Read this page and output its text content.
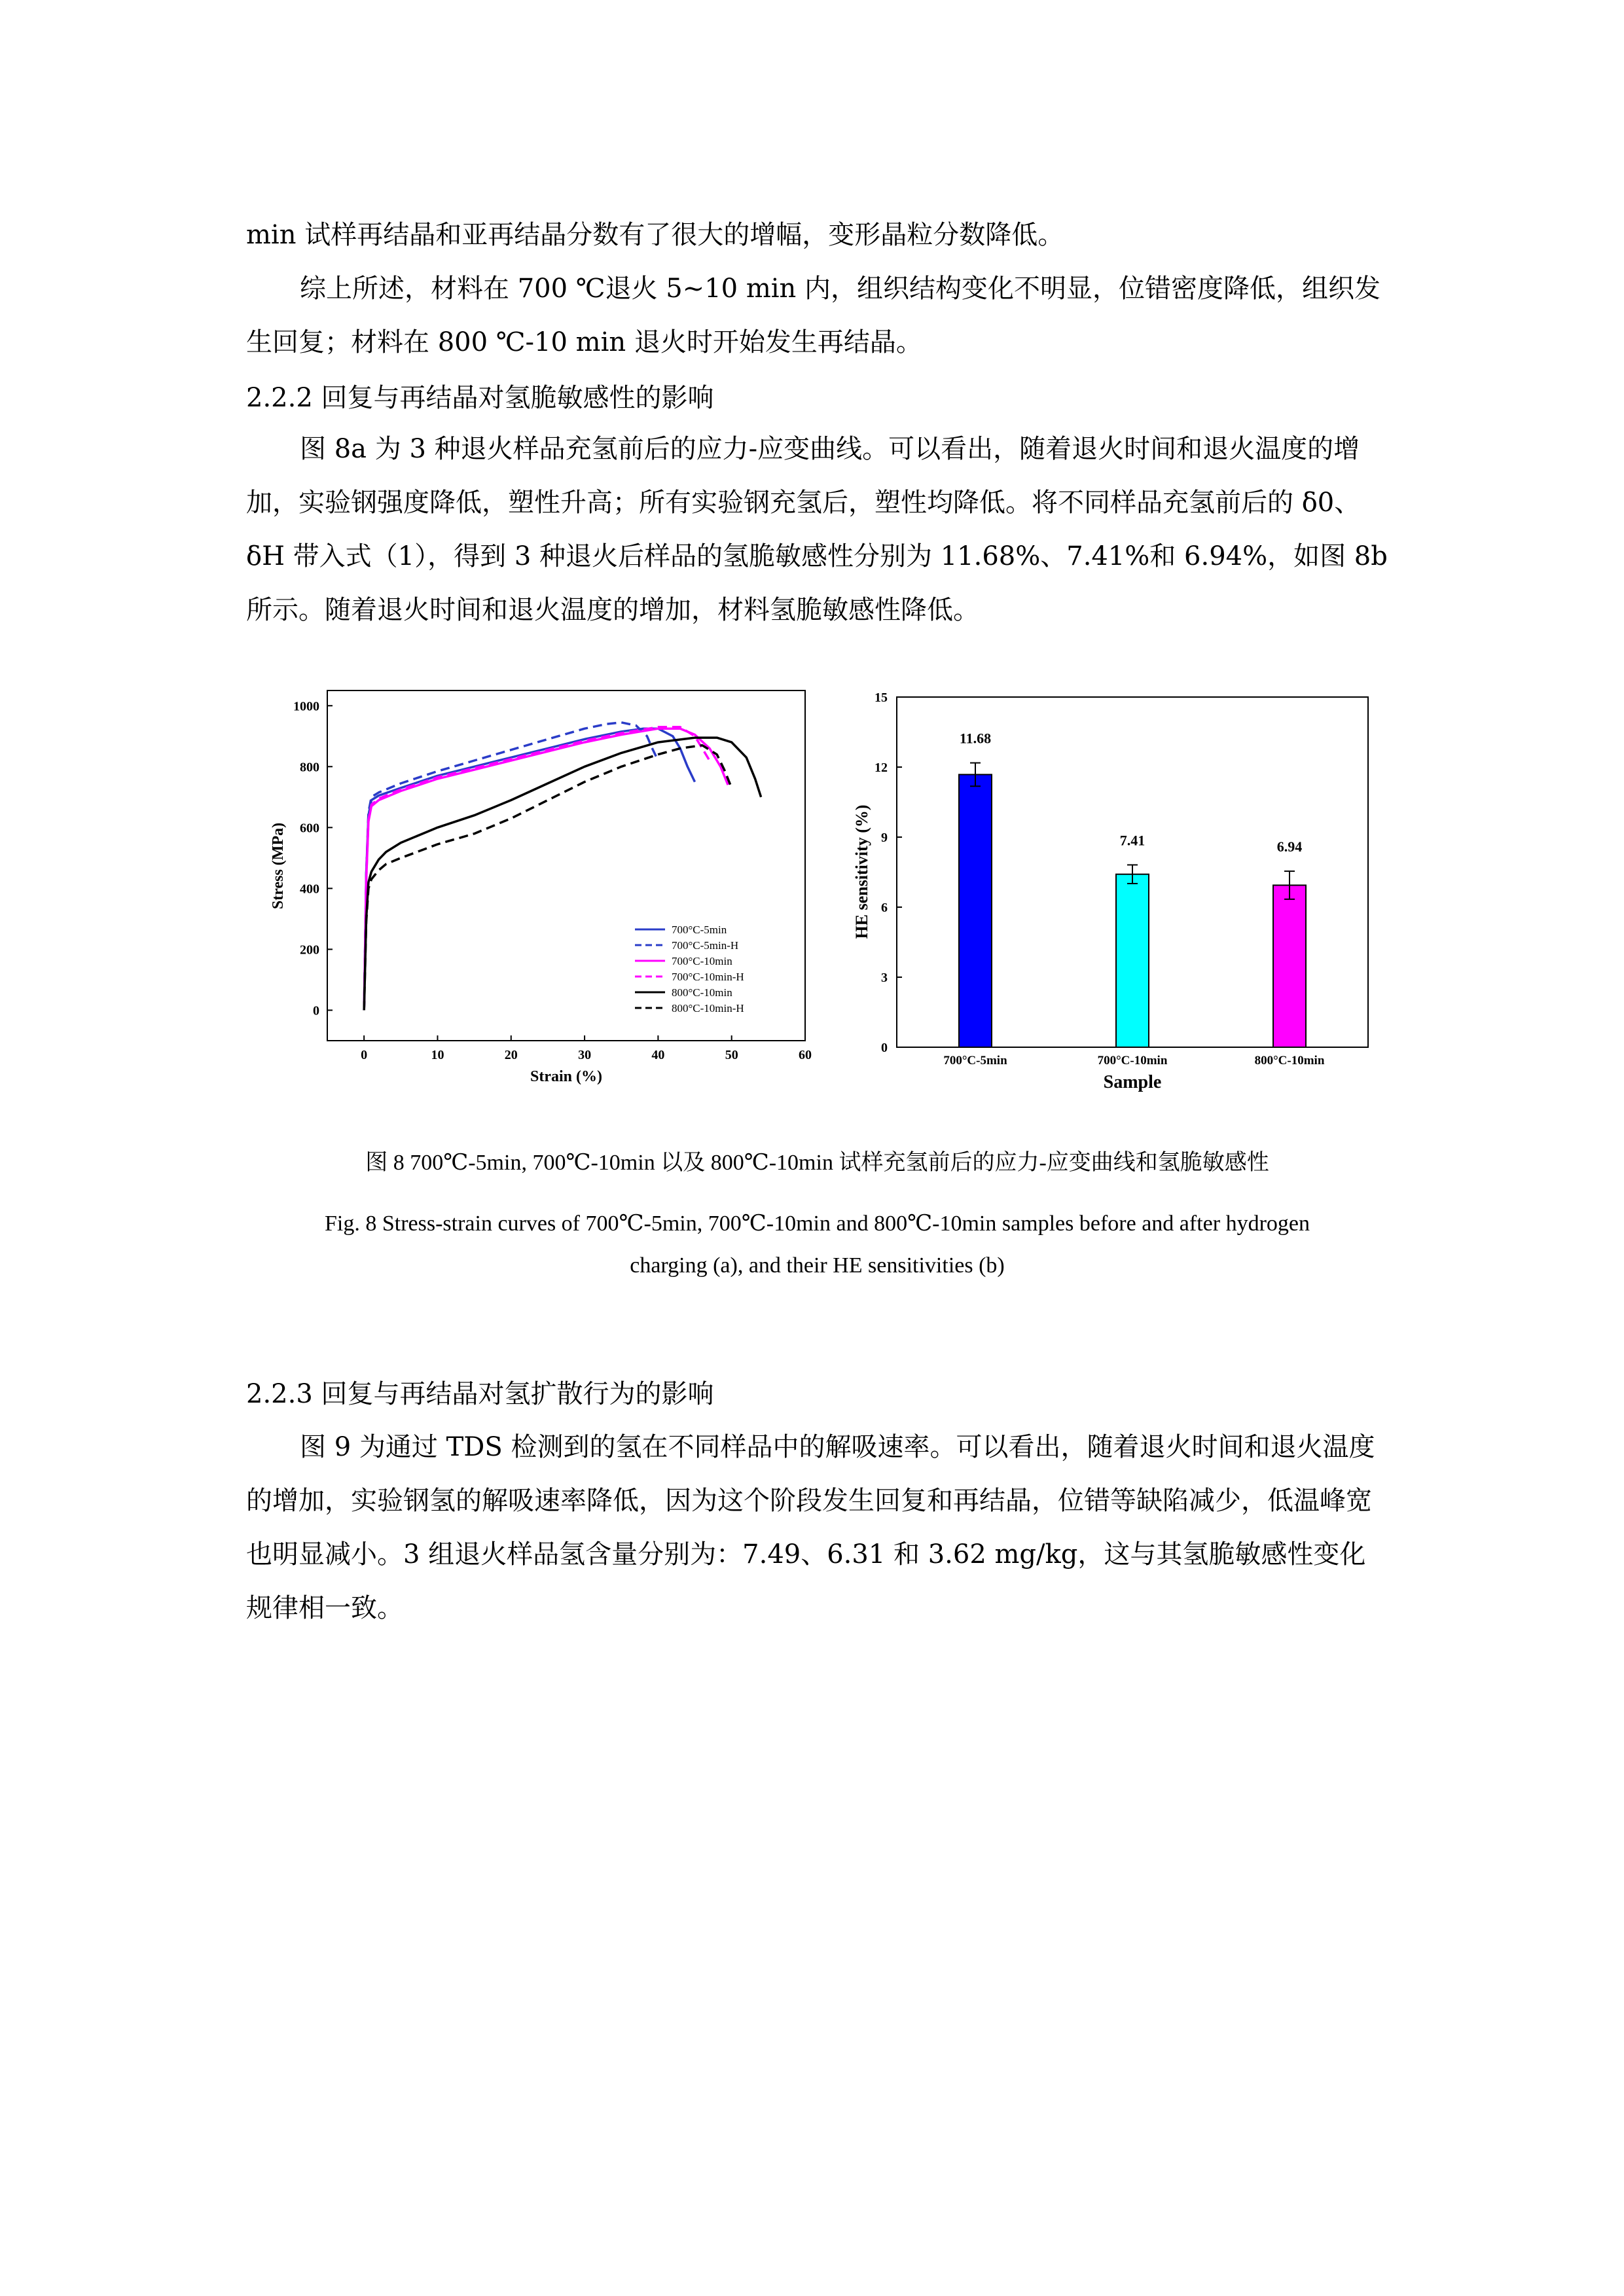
min 试样再结晶和亚再结晶分数有了很大的增幅，变形晶粒分数降低。
综上所述，材料在 700 ℃退火 5~10 min 内，组织结构变化不明显，位错密度降低，组织发生回复；材料在 800 ℃-10 min 退火时开始发生再结晶。
2.2.2 回复与再结晶对氢脆敏感性的影响
图 8a 为 3 种退火样品充氢前后的应力-应变曲线。可以看出，随着退火时间和退火温度的增加，实验钢强度降低，塑性升高；所有实验钢充氢后，塑性均降低。将不同样品充氢前后的 δ0、δH 带入式（1），得到 3 种退火后样品的氢脆敏感性分别为 11.68%、7.41%和 6.94%，如图 8b 所示。随着退火时间和退火温度的增加，材料氢脆敏感性降低。
0	10	20	30	40	50	60
0
200
400
600
800
1000
700°C-5min
700°C-5min-H
700°C-10min
700°C-10min-H
800°C-10min
800°C-10min-H
Strain (%)
Stress (MPa)
0
3
6
9
12
15
11.68
700°C-5min
7.41
700°C-10min
6.94
800°C-10min
Sample
HE sensitivity (%)
图 8 700℃-5min, 700℃-10min 以及 800℃-10min 试样充氢前后的应力-应变曲线和氢脆敏感性
Fig. 8 Stress-strain curves of 700℃-5min, 700℃-10min and 800℃-10min samples before and after hydrogen
charging (a), and their HE sensitivities (b)
2.2.3 回复与再结晶对氢扩散行为的影响
图 9 为通过 TDS 检测到的氢在不同样品中的解吸速率。可以看出，随着退火时间和退火温度的增加，实验钢氢的解吸速率降低，因为这个阶段发生回复和再结晶，位错等缺陷减少，低温峰宽也明显减小。3 组退火样品氢含量分别为：7.49、6.31 和 3.62 mg/kg，这与其氢脆敏感性变化规律相一致。
